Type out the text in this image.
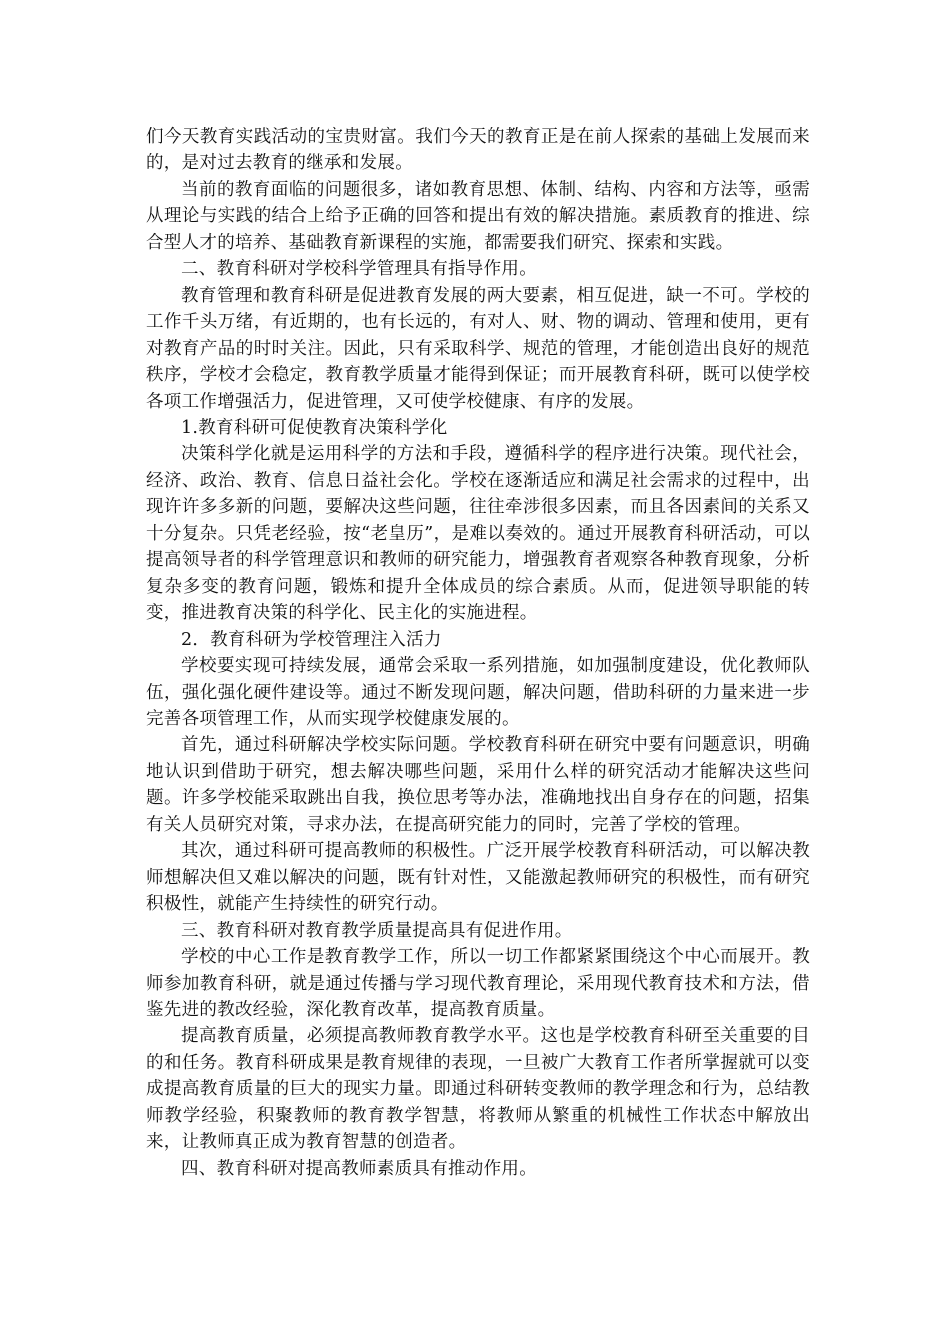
们今天教育实践活动的宝贵财富。我们今天的教育正是在前人探索的基础上发展而来的，是对过去教育的继承和发展。

当前的教育面临的问题很多，诸如教育思想、体制、结构、内容和方法等，亟需从理论与实践的结合上给予正确的回答和提出有效的解决措施。素质教育的推进、综合型人才的培养、基础教育新课程的实施，都需要我们研究、探索和实践。

二、教育科研对学校科学管理具有指导作用。

教育管理和教育科研是促进教育发展的两大要素，相互促进，缺一不可。学校的工作千头万绪，有近期的，也有长远的，有对人、财、物的调动、管理和使用，更有对教育产品的时时关注。因此，只有采取科学、规范的管理，才能创造出良好的规范秩序，学校才会稳定，教育教学质量才能得到保证；而开展教育科研，既可以使学校各项工作增强活力，促进管理，又可使学校健康、有序的发展。

1.教育科研可促使教育决策科学化

决策科学化就是运用科学的方法和手段，遵循科学的程序进行决策。现代社会，经济、政治、教育、信息日益社会化。学校在逐渐适应和满足社会需求的过程中，出现许许多多新的问题，要解决这些问题，往往牵涉很多因素，而且各因素间的关系又十分复杂。只凭老经验，按“老皇历”，是难以奏效的。通过开展教育科研活动，可以提高领导者的科学管理意识和教师的研究能力，增强教育者观察各种教育现象，分析复杂多变的教育问题，锻炼和提升全体成员的综合素质。从而，促进领导职能的转变，推进教育决策的科学化、民主化的实施进程。

2．教育科研为学校管理注入活力

学校要实现可持续发展，通常会采取一系列措施，如加强制度建设，优化教师队伍，强化强化硬件建设等。通过不断发现问题，解决问题，借助科研的力量来进一步完善各项管理工作，从而实现学校健康发展的。

首先，通过科研解决学校实际问题。学校教育科研在研究中要有问题意识，明确地认识到借助于研究，想去解决哪些问题，采用什么样的研究活动才能解决这些问题。许多学校能采取跳出自我，换位思考等办法，准确地找出自身存在的问题，招集有关人员研究对策，寻求办法，在提高研究能力的同时，完善了学校的管理。

其次，通过科研可提高教师的积极性。广泛开展学校教育科研活动，可以解决教师想解决但又难以解决的问题，既有针对性，又能激起教师研究的积极性，而有研究积极性，就能产生持续性的研究行动。

三、教育科研对教育教学质量提高具有促进作用。

学校的中心工作是教育教学工作，所以一切工作都紧紧围绕这个中心而展开。教师参加教育科研，就是通过传播与学习现代教育理论，采用现代教育技术和方法，借鉴先进的教改经验，深化教育改革，提高教育质量。

提高教育质量，必须提高教师教育教学水平。这也是学校教育科研至关重要的目的和任务。教育科研成果是教育规律的表现，一旦被广大教育工作者所掌握就可以变成提高教育质量的巨大的现实力量。即通过科研转变教师的教学理念和行为，总结教师教学经验，积聚教师的教育教学智慧，将教师从繁重的机械性工作状态中解放出来，让教师真正成为教育智慧的创造者。

四、教育科研对提高教师素质具有推动作用。
